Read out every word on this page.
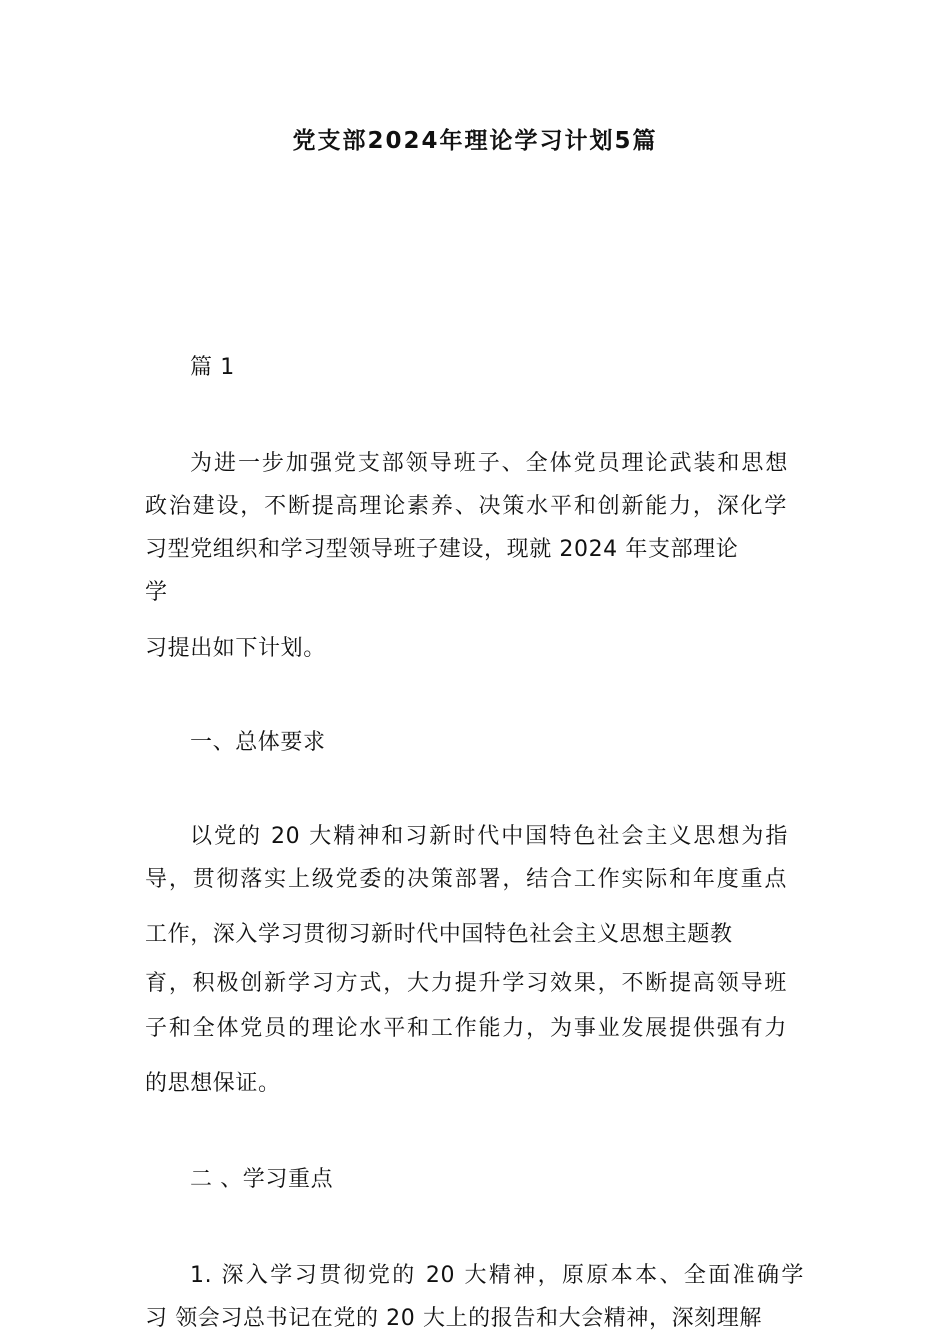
党支部2024年理论学习计划5篇
篇 1
为进一步加强党支部领导班子、全体党员理论武装和思想
政治建设，不断提高理论素养、决策水平和创新能力，深化学
习型党组织和学习型领导班子建设，现就 2024 年支部理论
学
习提出如下计划。
一、总体要求
以党的 20 大精神和习新时代中国特色社会主义思想为指
导，贯彻落实上级党委的决策部署，结合工作实际和年度重点
工作，深入学习贯彻习新时代中国特色社会主义思想主题教
育，积极创新学习方式，大力提升学习效果，不断提高领导班
子和全体党员的理论水平和工作能力，为事业发展提供强有力
的思想保证。
二 、学习重点
1. 深入学习贯彻党的 20 大精神，原原本本、全面准确学
习 领会习总书记在党的 20 大上的报告和大会精神，深刻理解
